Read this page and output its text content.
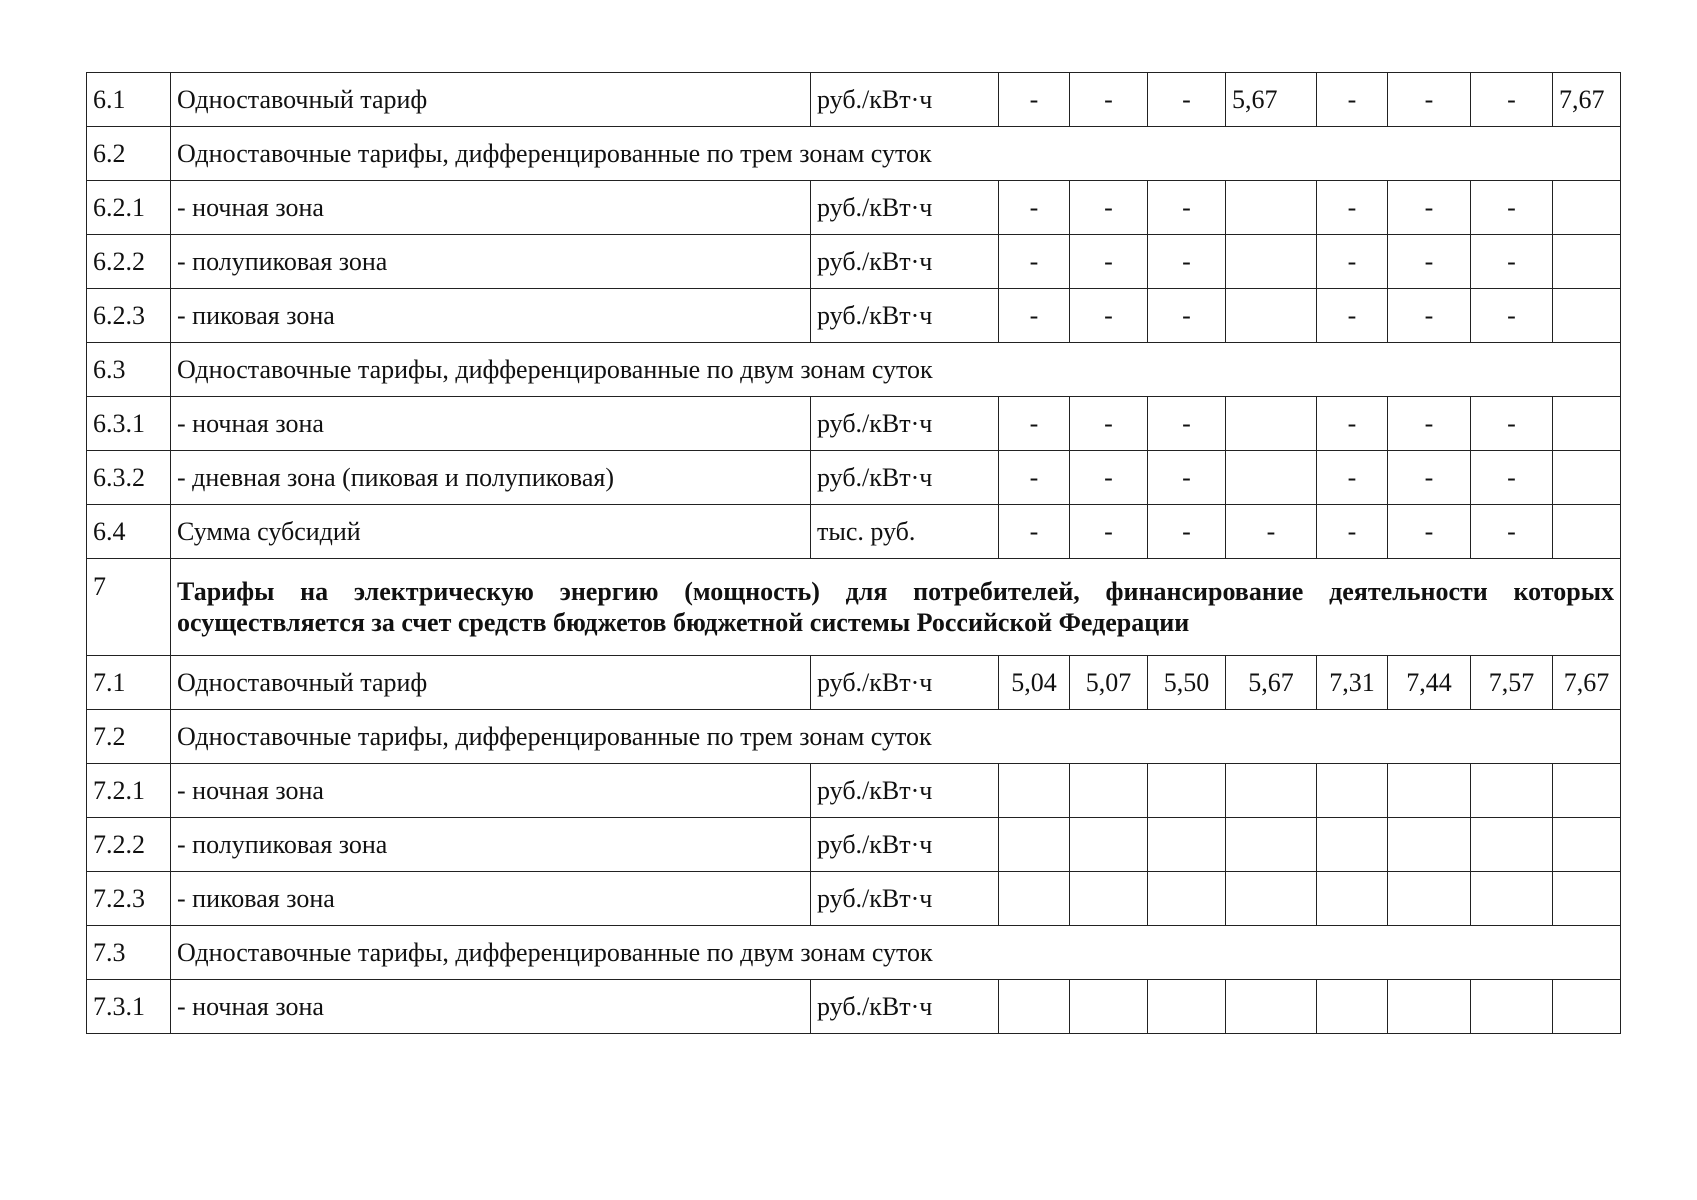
6.1	Одноставочный тариф	руб./кВт·ч	-	-	-	5,67	-	-	-	7,67
6.2	Одноставочные тарифы, дифференцированные по трем зонам суток									
6.2.1	- ночная зона	руб./кВт·ч	-	-	-		-	-	-	
6.2.2	- полупиковая зона	руб./кВт·ч	-	-	-		-	-	-	
6.2.3	- пиковая зона	руб./кВт·ч	-	-	-		-	-	-	
6.3	Одноставочные тарифы, дифференцированные по двум зонам суток									
6.3.1	- ночная зона	руб./кВт·ч	-	-	-		-	-	-	
6.3.2	- дневная зона (пиковая и полупиковая)	руб./кВт·ч	-	-	-		-	-	-	
6.4	Сумма субсидий	тыс. руб.	-	-	-	-	-	-	-	
7	Тарифы на электрическую энергию (мощность) для потребителей, финансирование деятельности которых осуществляется за счет средств бюджетов бюджетной системы Российской Федерации									
7.1	Одноставочный тариф	руб./кВт·ч	5,04	5,07	5,50	5,67	7,31	7,44	7,57	7,67
7.2	Одноставочные тарифы, дифференцированные по трем зонам суток									
7.2.1	- ночная зона	руб./кВт·ч								
7.2.2	- полупиковая зона	руб./кВт·ч								
7.2.3	- пиковая зона	руб./кВт·ч								
7.3	Одноставочные тарифы, дифференцированные по двум зонам суток									
7.3.1	- ночная зона	руб./кВт·ч								
